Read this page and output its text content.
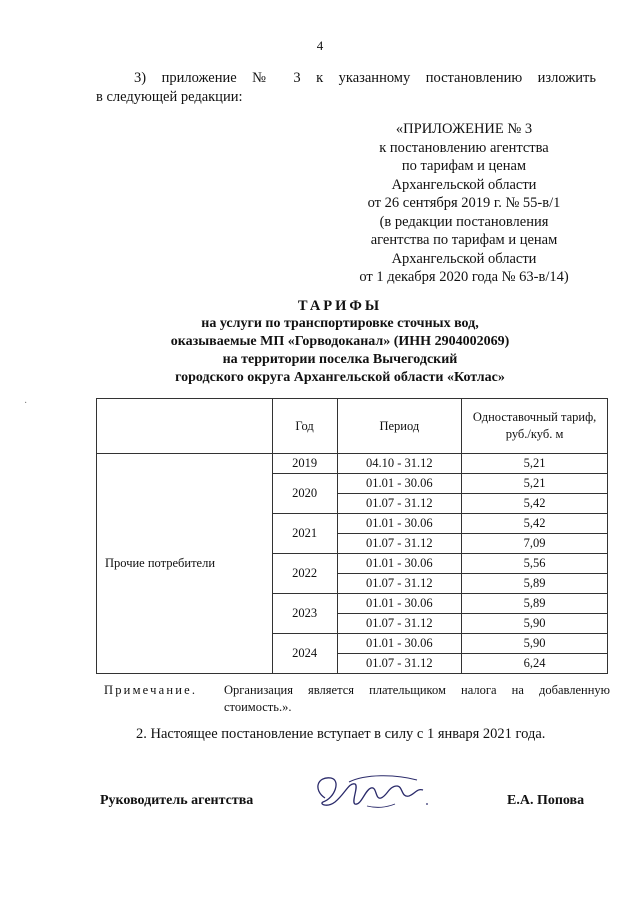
4
3) приложение № 3 к указанному постановлению изложить
в следующей редакции:
«ПРИЛОЖЕНИЕ № 3
к постановлению агентства
по тарифам и ценам
Архангельской области
от 26 сентября 2019 г. № 55-в/1
(в редакции постановления
агентства по тарифам и ценам
Архангельской области
от 1 декабря 2020 года № 63-в/14)
ТАРИФЫ
на услуги по транспортировке сточных вод,
оказываемые МП «Горводоканал» (ИНН 2904002069)
на территории поселка Вычегодский
городского округа Архангельской области «Котлас»
·
	Год	Период	Одноставочный тариф,
руб./куб. м

Прочие потребители	2019	04.10 - 31.12	5,21
	2020	01.01 - 30.06	5,21
		01.07 - 31.12	5,42
	2021	01.01 - 30.06	5,42
		01.07 - 31.12	7,09
	2022	01.01 - 30.06	5,56
		01.07 - 31.12	5,89
	2023	01.01 - 30.06	5,89
		01.07 - 31.12	5,90
	2024	01.01 - 30.06	5,90
		01.07 - 31.12	6,24
Примечание.	Организация является плательщиком налога на добавленную
стоимость.».
2. Настоящее постановление вступает в силу с 1 января 2021 года.
Руководитель агентства	Е.А. Попова
